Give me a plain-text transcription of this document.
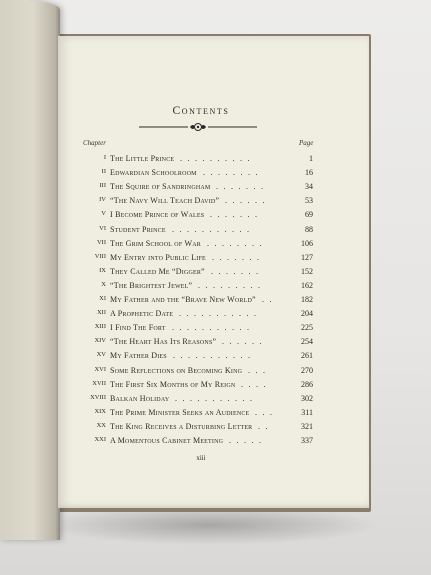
Contents
Chapter	Page
I The Little Prince ..........	1
II Edwardian Schoolroom ........	16
III The Squire of Sandringham .......	34
IV “The Navy Will Teach David” ......	53
V I Become Prince of Wales .......	69
VI Student Prince ...........	88
VII The Grim School of War ........	106
VIII My Entry into Public Life .......	127
IX They Called Me “Digger” .......	152
X “The Brightest Jewel” .........	162
XI My Father and the “Brave New World” ..	182
XII A Prophetic Date ...........	204
XIII I Find The Fort ...........	225
XIV “The Heart Has Its Reasons” ......	254
XV My Father Dies ...........	261
XVI Some Reflections on Becoming King ...	270
XVII The First Six Months of My Reign ....	286
XVIII Balkan Holiday ...........	302
XIX The Prime Minister Seeks an Audience ...	311
XX The King Receives a Disturbing Letter ..	321
XXI A Momentous Cabinet Meeting .....	337
xiii
